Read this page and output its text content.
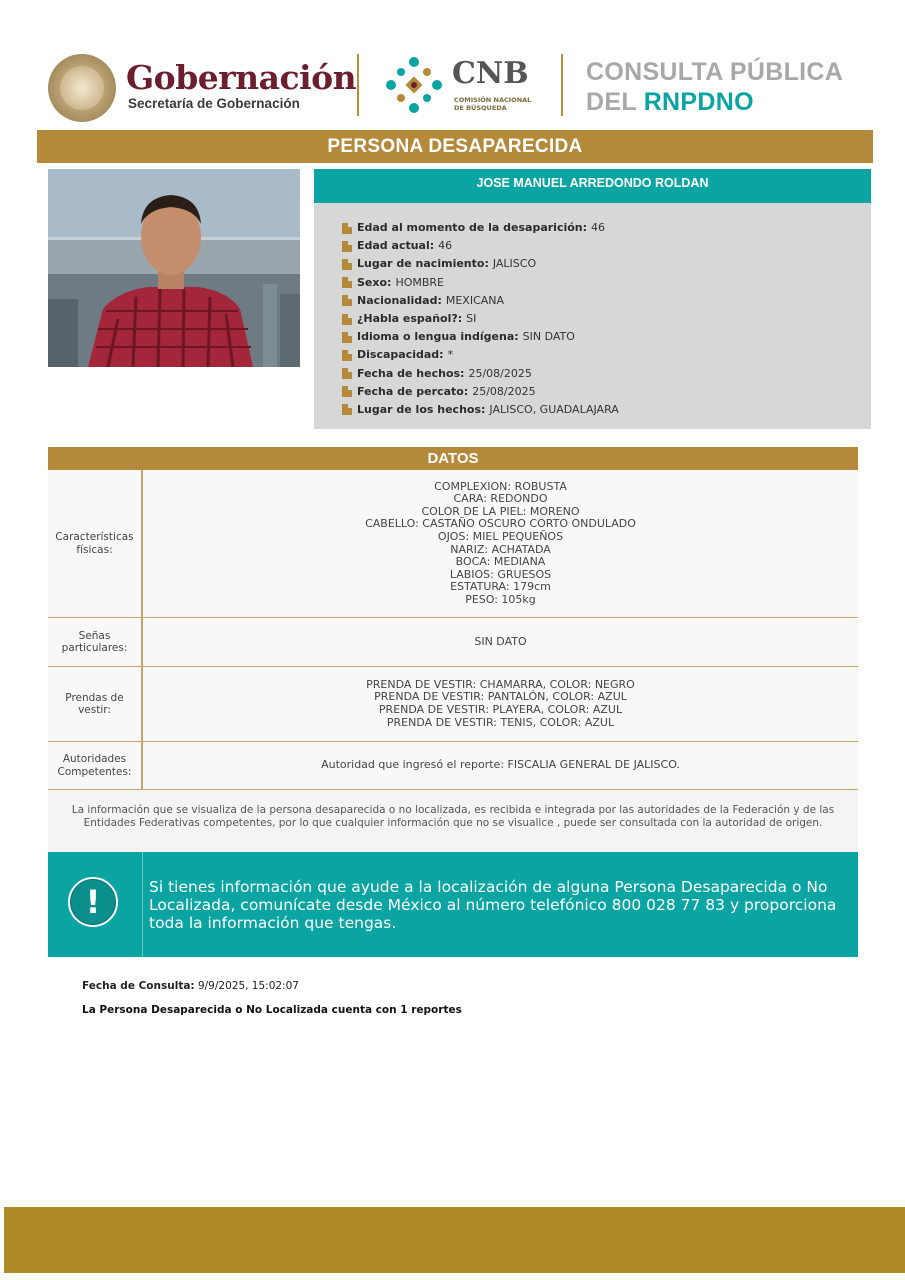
Gobernación
Secretaría de Gobernación
CNB
COMISIÓN NACIONAL
DE BÚSQUEDA
CONSULTA PÚBLICA
DEL RNPDNO
PERSONA DESAPARECIDA
JOSE MANUEL ARREDONDO ROLDAN
Edad al momento de la desaparición: 46
Edad actual: 46
Lugar de nacimiento: JALISCO
Sexo: HOMBRE
Nacionalidad: MEXICANA
¿Habla español?: SI
Idioma o lengua indígena: SIN DATO
Discapacidad: *
Fecha de hechos: 25/08/2025
Fecha de percato: 25/08/2025
Lugar de los hechos: JALISCO, GUADALAJARA
DATOS
Características físicas:
COMPLEXION: ROBUSTA
CARA: REDONDO
COLOR DE LA PIEL: MORENO
CABELLO: CASTAÑO OSCURO CORTO ONDULADO
OJOS: MIEL PEQUEÑOS
NARIZ: ACHATADA
BOCA: MEDIANA
LABIOS: GRUESOS
ESTATURA: 179cm
PESO: 105kg
Señas particulares:
SIN DATO
Prendas de vestir:
PRENDA DE VESTIR: CHAMARRA, COLOR: NEGRO
PRENDA DE VESTIR: PANTALÓN, COLOR: AZUL
PRENDA DE VESTIR: PLAYERA, COLOR: AZUL
PRENDA DE VESTIR: TENIS, COLOR: AZUL
Autoridades Competentes:
Autoridad que ingresó el reporte: FISCALIA GENERAL DE JALISCO.
La información que se visualiza de la persona desaparecida o no localizada, es recibida e integrada por las autoridades de la Federación y de las Entidades Federativas competentes, por lo que cualquier información que no se visualice , puede ser consultada con la autoridad de origen.
!	Si tienes información que ayude a la localización de alguna Persona Desaparecida o No Localizada, comunícate desde México al número telefónico 800 028 77 83 y proporciona toda la información que tengas.
Fecha de Consulta: 9/9/2025, 15:02:07
La Persona Desaparecida o No Localizada cuenta con 1 reportes
